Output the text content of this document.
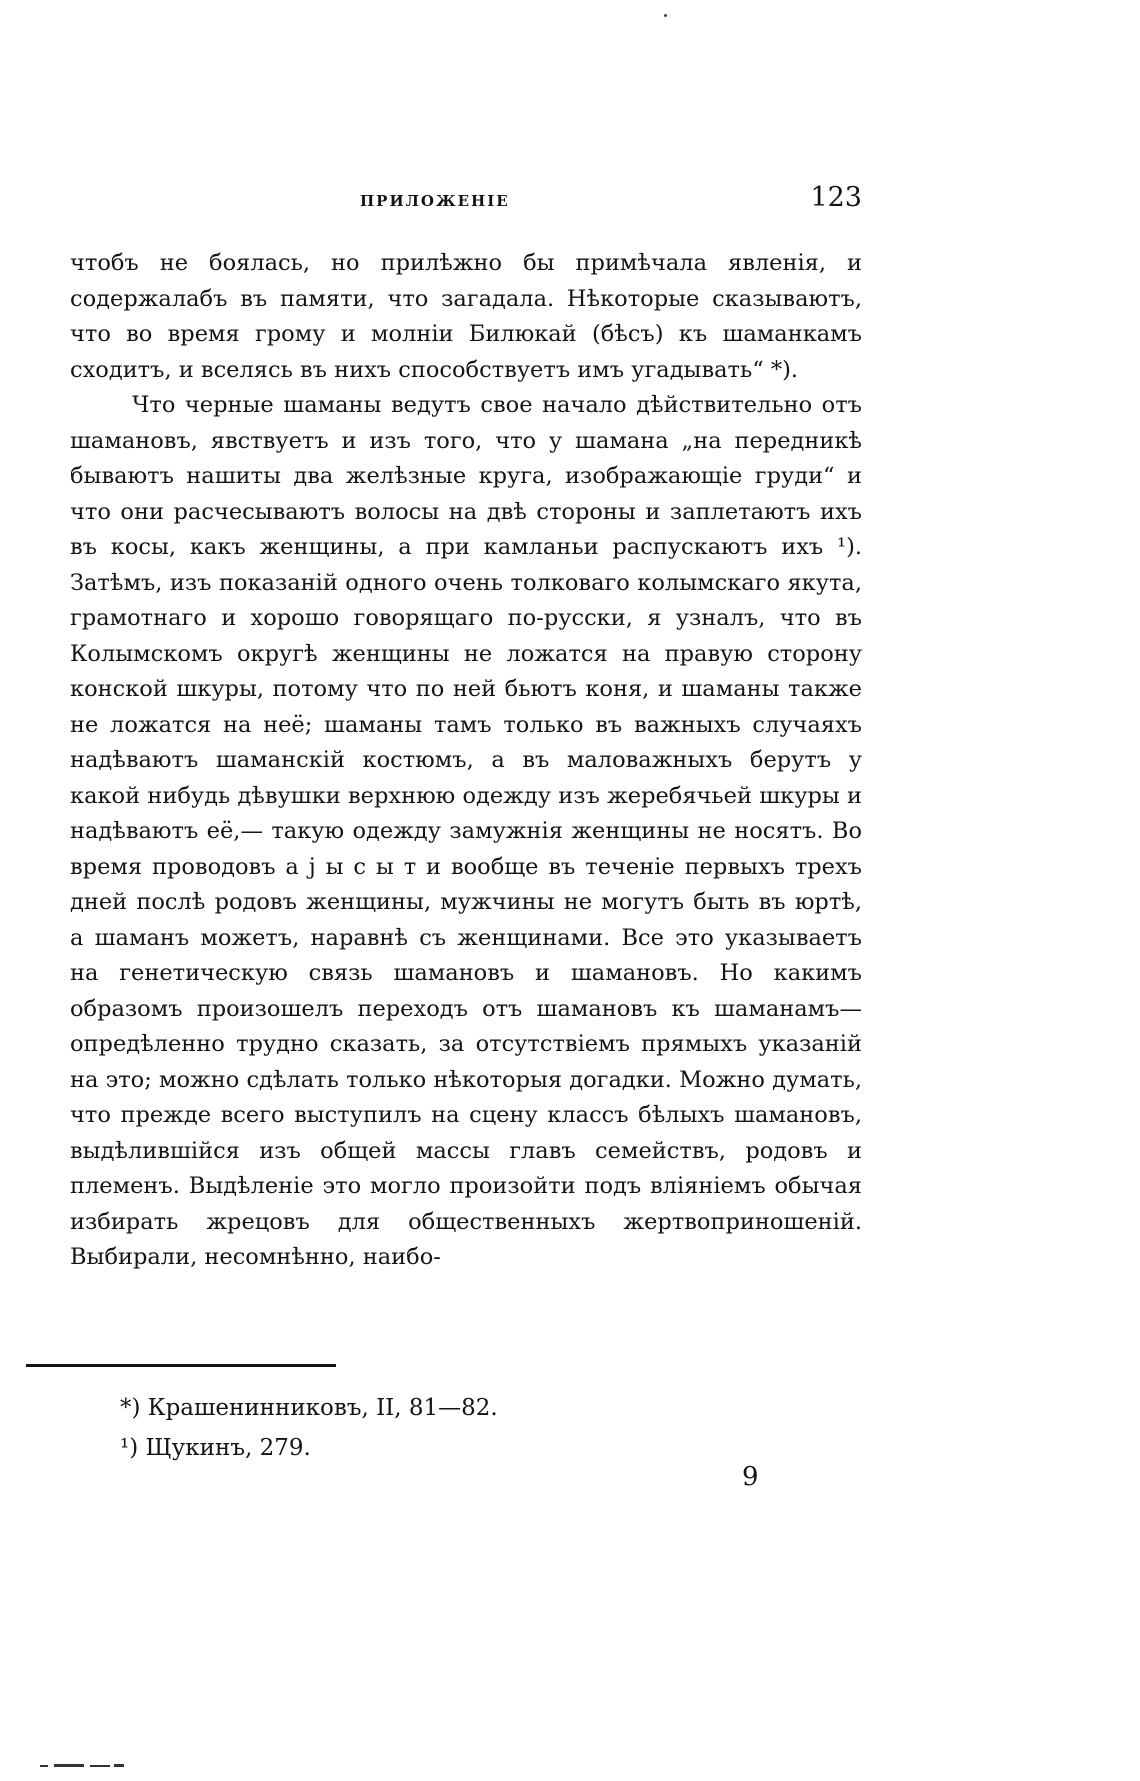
ПРИЛОЖЕНIЕ	123

чтобъ не боялась, но прилѣжно бы примѣчала явленія, и содержалабъ въ памяти, что загадала. Нѣкоторые сказываютъ, что во время грому и молніи Билюкай (бѣсъ) къ шаманкамъ сходитъ, и вселясь въ нихъ способствуетъ имъ угадывать“ *).

Что черные шаманы ведутъ свое начало дѣйствительно отъ шамановъ, явствуетъ и изъ того, что у шамана „на передникѣ бываютъ нашиты два желѣзные круга, изображающіе груди“ и что они расчесываютъ волосы на двѣ стороны и заплетаютъ ихъ въ косы, какъ женщины, а при камланьи распускаютъ ихъ ¹). Затѣмъ, изъ показаній одного очень толковаго колымскаго якута, грамотнаго и хорошо говорящаго по-русски, я узналъ, что въ Колымскомъ округѣ женщины не ложатся на правую сторону конской шкуры, потому что по ней бьютъ коня, и шаманы также не ложатся на неё; шаманы тамъ только въ важныхъ случаяхъ надѣваютъ шаманскій костюмъ, а въ маловажныхъ берутъ у какой нибудь дѣвушки верхнюю одежду изъ жеребячьей шкуры и надѣваютъ её,— такую одежду замужнія женщины не носятъ. Во время проводовъ а j ы с ы т и вообще въ теченіе первыхъ трехъ дней послѣ родовъ женщины, мужчины не могутъ быть въ юртѣ, а шаманъ можетъ, наравнѣ съ женщинами. Все это указываетъ на генетическую связь шамановъ и шамановъ. Но какимъ образомъ произошелъ переходъ отъ шамановъ къ шаманамъ—опредѣленно трудно сказать, за отсутствіемъ прямыхъ указаній на это; можно сдѣлать только нѣкоторыя догадки. Можно думать, что прежде всего выступилъ на сцену классъ бѣлыхъ шамановъ, выдѣлившійся изъ общей массы главъ семействъ, родовъ и племенъ. Выдѣленіе это могло произойти подъ вліяніемъ обычая избирать жрецовъ для общественныхъ жертвоприношеній. Выбирали, несомнѣнно, наибо-

*) Крашенинниковъ, II, 81—82.

¹) Щукинъ, 279.

9
